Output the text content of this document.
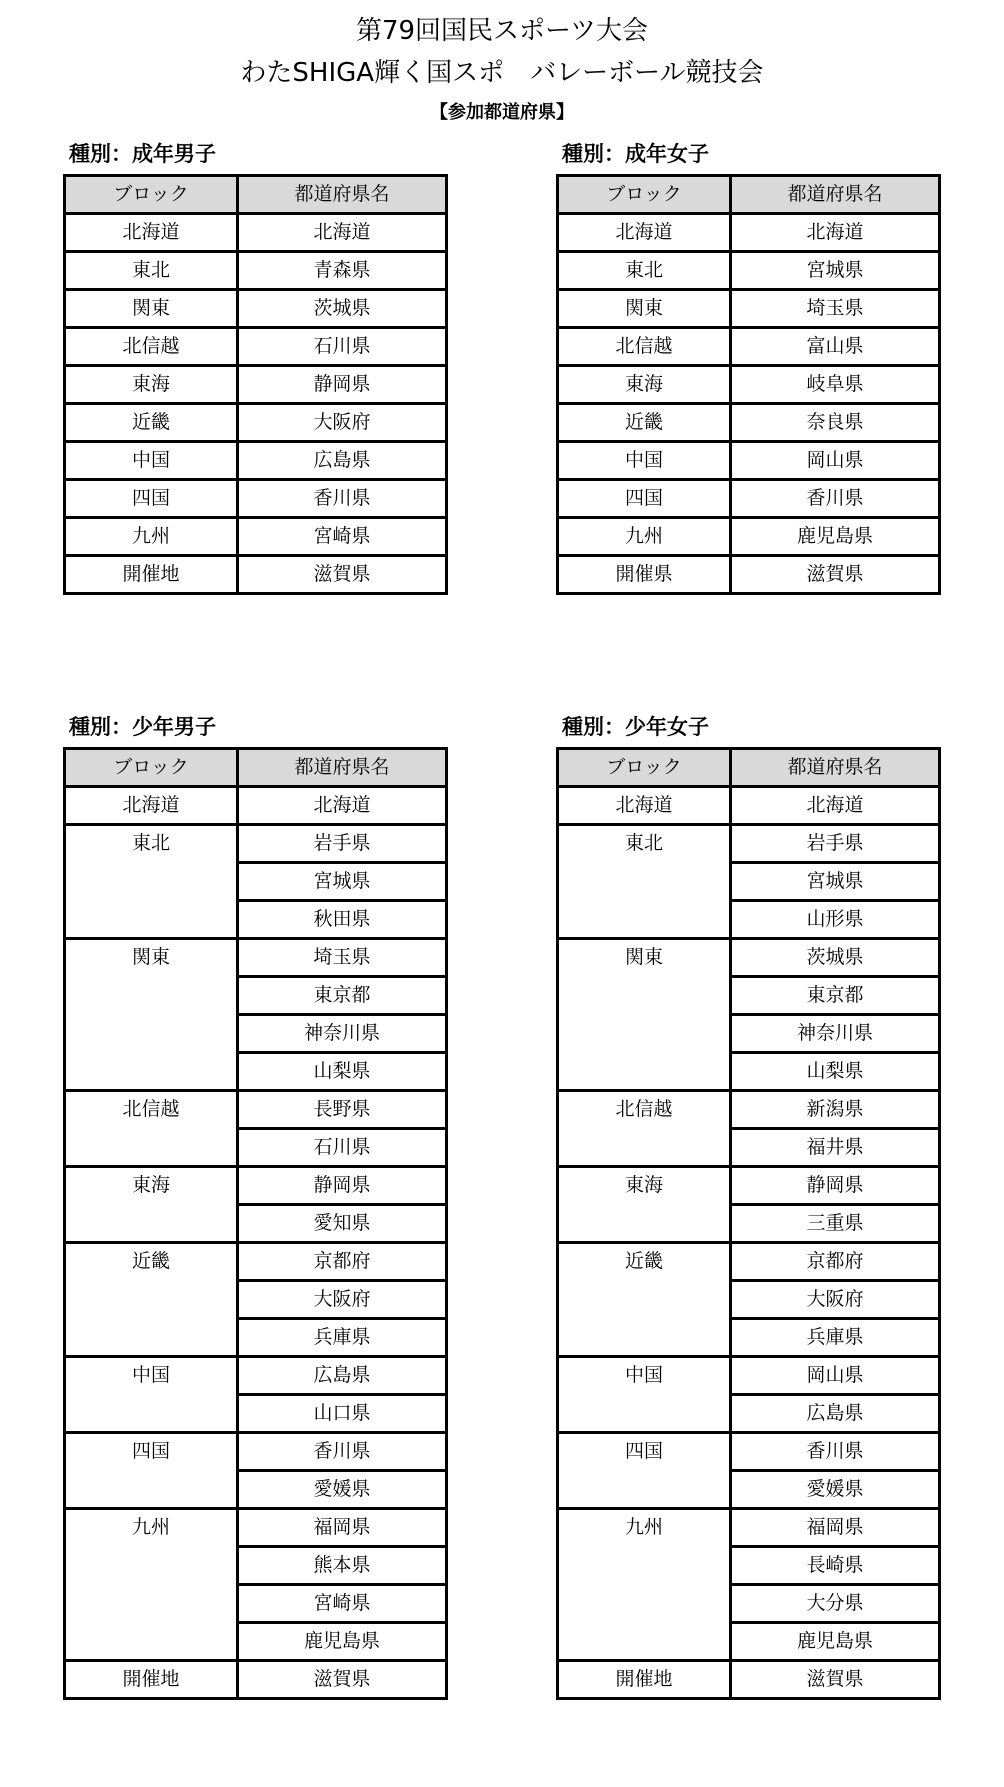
第79回国民スポーツ大会
わたSHIGA輝く国スポ　バレーボール競技会
【参加都道府県】
種別：成年男子
ブロック	都道府県名
北海道	北海道
東北	青森県
関東	茨城県
北信越	石川県
東海	静岡県
近畿	大阪府
中国	広島県
四国	香川県
九州	宮崎県
開催地	滋賀県
種別：成年女子
ブロック	都道府県名
北海道	北海道
東北	宮城県
関東	埼玉県
北信越	富山県
東海	岐阜県
近畿	奈良県
中国	岡山県
四国	香川県
九州	鹿児島県
開催県	滋賀県
種別：少年男子
ブロック	都道府県名
北海道	北海道
東北	岩手県
	宮城県
	秋田県
関東	埼玉県
	東京都
	神奈川県
	山梨県
北信越	長野県
	石川県
東海	静岡県
	愛知県
近畿	京都府
	大阪府
	兵庫県
中国	広島県
	山口県
四国	香川県
	愛媛県
九州	福岡県
	熊本県
	宮崎県
	鹿児島県
開催地	滋賀県
種別：少年女子
ブロック	都道府県名
北海道	北海道
東北	岩手県
	宮城県
	山形県
関東	茨城県
	東京都
	神奈川県
	山梨県
北信越	新潟県
	福井県
東海	静岡県
	三重県
近畿	京都府
	大阪府
	兵庫県
中国	岡山県
	広島県
四国	香川県
	愛媛県
九州	福岡県
	長崎県
	大分県
	鹿児島県
開催地	滋賀県
